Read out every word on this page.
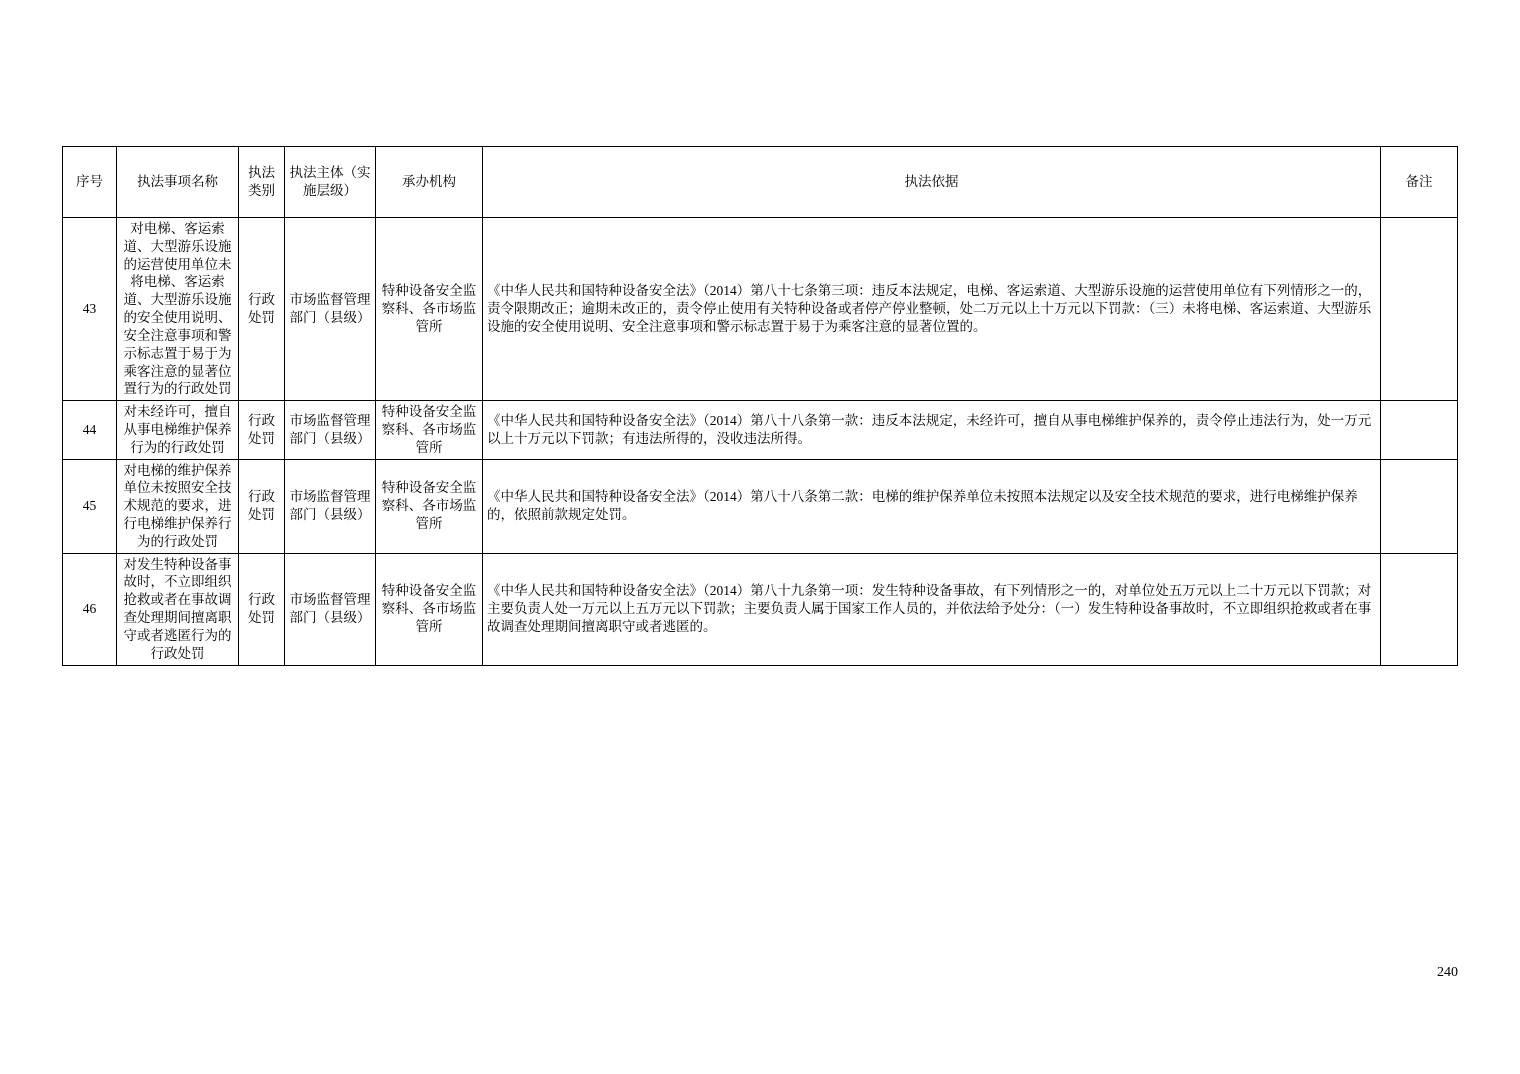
序号	执法事项名称	执法类别	执法主体（实施层级）	承办机构	执法依据	备注
43	对电梯、客运索道、大型游乐设施的运营使用单位未将电梯、客运索道、大型游乐设施的安全使用说明、安全注意事项和警示标志置于易于为乘客注意的显著位置行为的行政处罚	行政处罚	市场监督管理部门（县级）	特种设备安全监察科、各市场监管所	《中华人民共和国特种设备安全法》（2014）第八十七条第三项：违反本法规定，电梯、客运索道、大型游乐设施的运营使用单位有下列情形之一的，责令限期改正；逾期未改正的，责令停止使用有关特种设备或者停产停业整顿，处二万元以上十万元以下罚款：（三）未将电梯、客运索道、大型游乐设施的安全使用说明、安全注意事项和警示标志置于易于为乘客注意的显著位置的。	
44	对未经许可，擅自从事电梯维护保养行为的行政处罚	行政处罚	市场监督管理部门（县级）	特种设备安全监察科、各市场监管所	《中华人民共和国特种设备安全法》（2014）第八十八条第一款：违反本法规定，未经许可，擅自从事电梯维护保养的，责令停止违法行为，处一万元以上十万元以下罚款；有违法所得的，没收违法所得。	
45	对电梯的维护保养单位未按照安全技术规范的要求，进行电梯维护保养行为的行政处罚	行政处罚	市场监督管理部门（县级）	特种设备安全监察科、各市场监管所	《中华人民共和国特种设备安全法》（2014）第八十八条第二款：电梯的维护保养单位未按照本法规定以及安全技术规范的要求，进行电梯维护保养的，依照前款规定处罚。	
46	对发生特种设备事故时，不立即组织抢救或者在事故调查处理期间擅离职守或者逃匿行为的行政处罚	行政处罚	市场监督管理部门（县级）	特种设备安全监察科、各市场监管所	《中华人民共和国特种设备安全法》（2014）第八十九条第一项：发生特种设备事故，有下列情形之一的，对单位处五万元以上二十万元以下罚款；对主要负责人处一万元以上五万元以下罚款；主要负责人属于国家工作人员的，并依法给予处分：（一）发生特种设备事故时，不立即组织抢救或者在事故调查处理期间擅离职守或者逃匿的。	
240
